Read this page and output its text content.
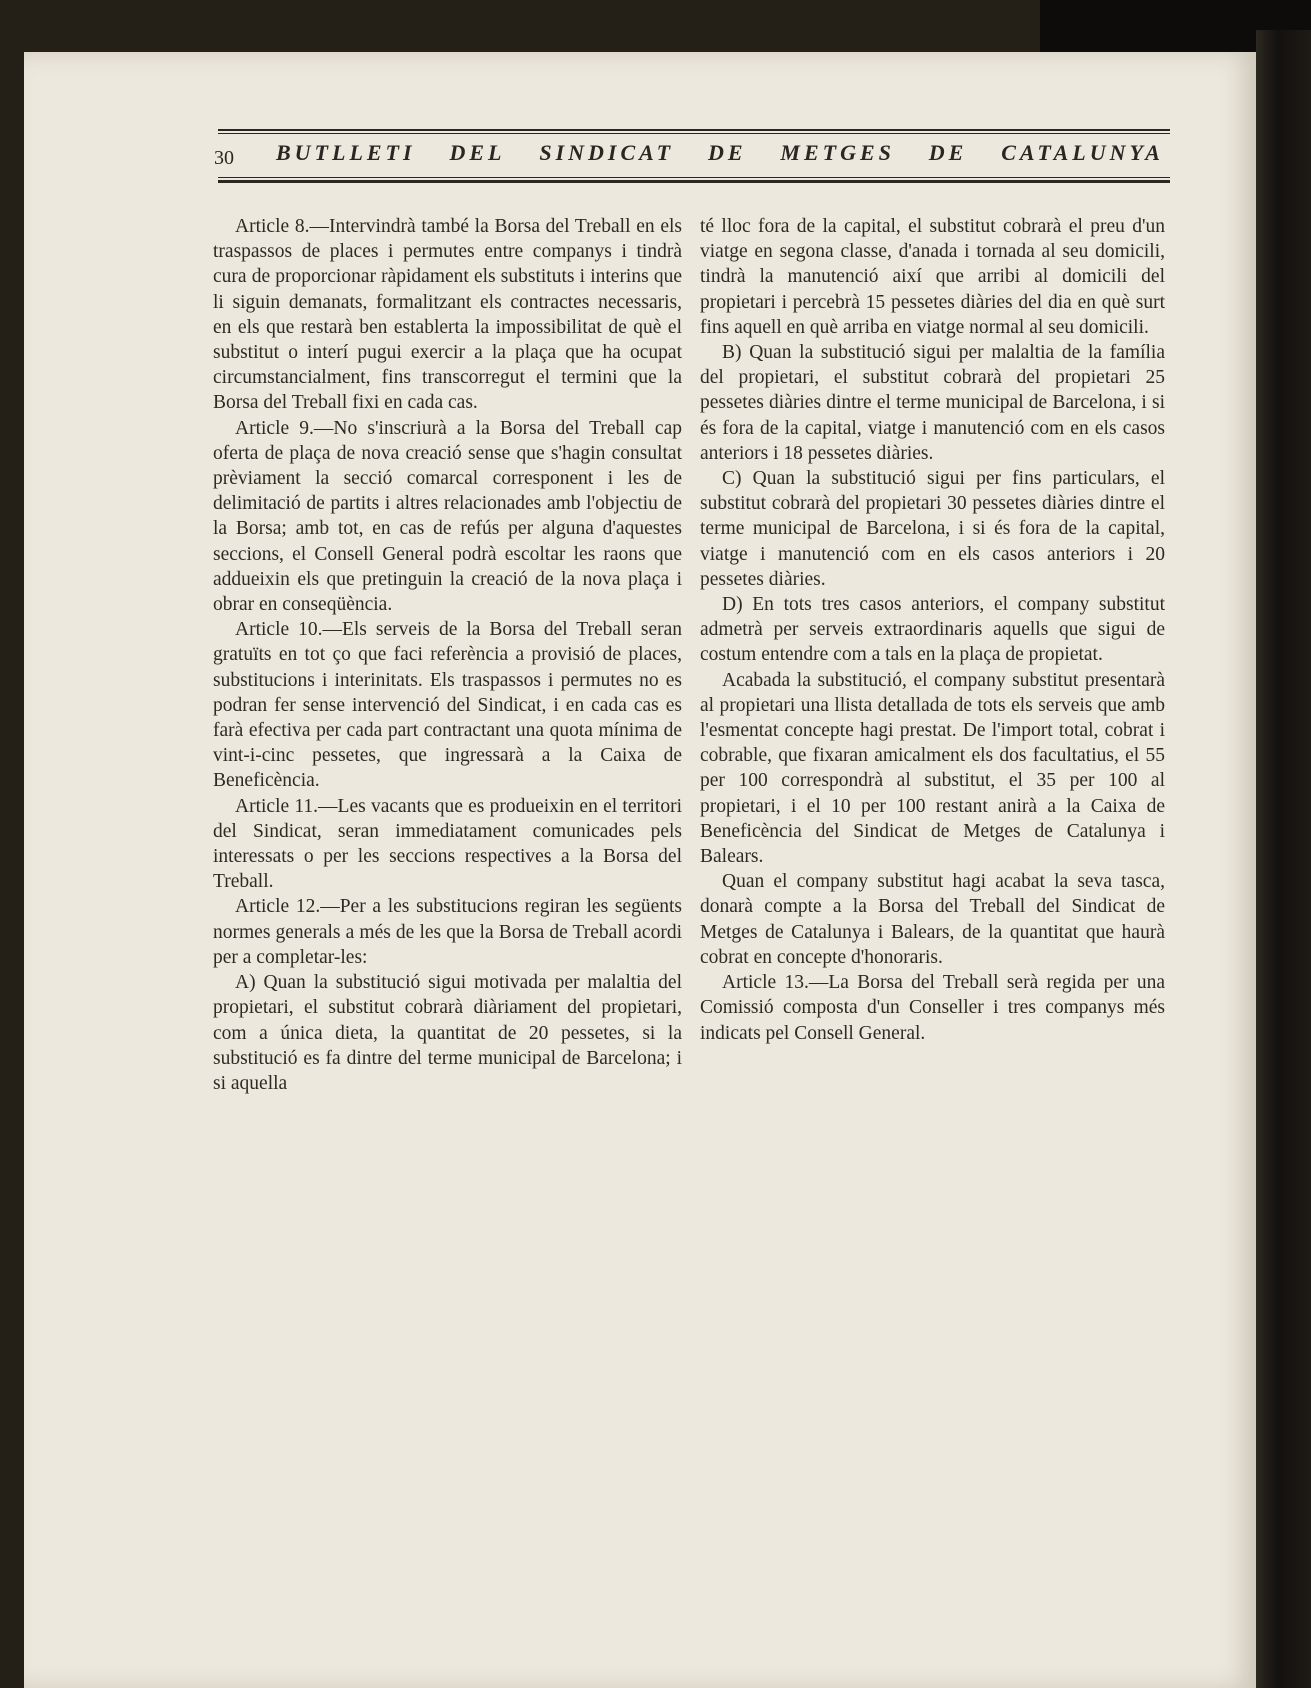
30 BUTLLETI DEL SINDICAT DE METGES DE CATALUNYA

Article 8.—Intervindrà també la Borsa del Treball en els traspassos de places i permutes entre companys i tindrà cura de proporcionar ràpidament els substituts i interins que li siguin demanats, formalitzant els contractes necessaris, en els que restarà ben establerta la impossibilitat de què el substitut o interí pugui exercir a la plaça que ha ocupat circumstancialment, fins transcorregut el termini que la Borsa del Treball fixi en cada cas.

Article 9.—No s'inscriurà a la Borsa del Treball cap oferta de plaça de nova creació sense que s'hagin consultat prèviament la secció comarcal corresponent i les de delimitació de partits i altres relacionades amb l'objectiu de la Borsa; amb tot, en cas de refús per alguna d'aquestes seccions, el Consell General podrà escoltar les raons que addueixin els que pretinguin la creació de la nova plaça i obrar en conseqüència.

Article 10.—Els serveis de la Borsa del Treball seran gratuïts en tot ço que faci referència a provisió de places, substitucions i interinitats. Els traspassos i permutes no es podran fer sense intervenció del Sindicat, i en cada cas es farà efectiva per cada part contractant una quota mínima de vint-i-cinc pessetes, que ingressarà a la Caixa de Beneficència.

Article 11.—Les vacants que es produeixin en el territori del Sindicat, seran immediatament comunicades pels interessats o per les seccions respectives a la Borsa del Treball.

Article 12.—Per a les substitucions regiran les següents normes generals a més de les que la Borsa de Treball acordi per a completar-les:

A) Quan la substitució sigui motivada per malaltia del propietari, el substitut cobrarà diàriament del propietari, com a única dieta, la quantitat de 20 pessetes, si la substitució es fa dintre del terme municipal de Barcelona; i si aquella

té lloc fora de la capital, el substitut cobrarà el preu d'un viatge en segona classe, d'anada i tornada al seu domicili, tindrà la manutenció així que arribi al domicili del propietari i percebrà 15 pessetes diàries del dia en què surt fins aquell en què arriba en viatge normal al seu domicili.

B) Quan la substitució sigui per malaltia de la família del propietari, el substitut cobrarà del propietari 25 pessetes diàries dintre el terme municipal de Barcelona, i si és fora de la capital, viatge i manutenció com en els casos anteriors i 18 pessetes diàries.

C) Quan la substitució sigui per fins particulars, el substitut cobrarà del propietari 30 pessetes diàries dintre el terme municipal de Barcelona, i si és fora de la capital, viatge i manutenció com en els casos anteriors i 20 pessetes diàries.

D) En tots tres casos anteriors, el company substitut admetrà per serveis extraordinaris aquells que sigui de costum entendre com a tals en la plaça de propietat.

Acabada la substitució, el company substitut presentarà al propietari una llista detallada de tots els serveis que amb l'esmentat concepte hagi prestat. De l'import total, cobrat i cobrable, que fixaran amicalment els dos facultatius, el 55 per 100 correspondrà al substitut, el 35 per 100 al propietari, i el 10 per 100 restant anirà a la Caixa de Beneficència del Sindicat de Metges de Catalunya i Balears.

Quan el company substitut hagi acabat la seva tasca, donarà compte a la Borsa del Treball del Sindicat de Metges de Catalunya i Balears, de la quantitat que haurà cobrat en concepte d'honoraris.

Article 13.—La Borsa del Treball serà regida per una Comissió composta d'un Conseller i tres companys més indicats pel Consell General.
